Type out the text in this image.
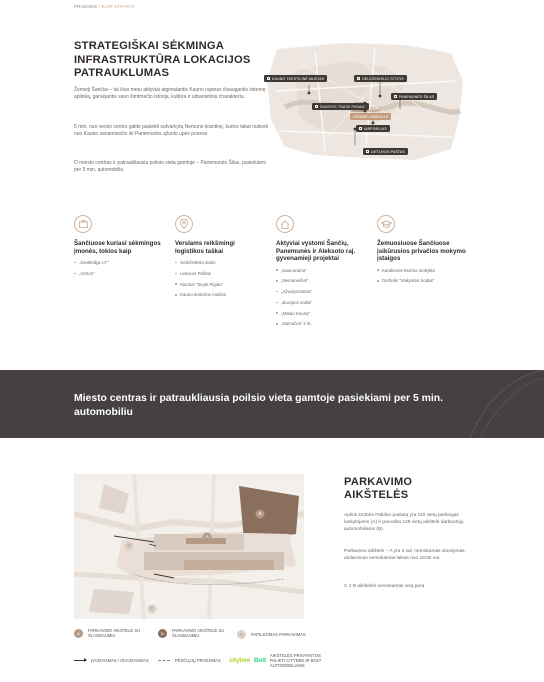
PRADINIS / KAIP ATVYKTI
STRATEGIŠKAI SĖKMINGA INFRASTRUKTŪRA LOKACIJOS PATRAUKLUMAS
Žemieji Šančiai – tai šiuo metu aktyviai atgimstantis Kauno rajonas išsaugantis istorinę aplinką, garsėjantis savo šimtmečio istorija, kultūra ir urbanistiniu charakteriu.
5 min. nuo verslo centro galite pasiekti sutvarkytą Nemuno krantinę, kurios takai nutiesti nuo Kauno senamiesčio iki Panemunės ąžuolo upės pusese.
O miesto centras ir patraukliausia poilsio vieta gamtoje – Panemunės Šilas, pasiekiami per 5 min. automobiliu.
KAUNO TEKSTILINĖ MUSTAS	GELEŽINKELIO STOTIS
PANEMUNĖS ŠILAS
SIUNTOS "SIUSK PIGIAU"
DROBĖS FABRIKAS
AIRPORLIUS
LIETUVOS PAŠTAS
Šančiuose kuriasi sėkmingos įmonės, tokios kaip
„DevBridge LT“
„Votron“
Verslams reikšmingi logistikos taškai
Geležinkelio stotis
Lietuvos Paštas
Siuntos "Siųsk Pigiau"
Kauno teritorine muitinė
Aktyviai vystomi Šančių, Panemunės ir Aleksoto raj. gyvenamieji projektai
„Kaunorama“
„Nemuniečiai“
„Ąžuolynorama“
„Europos sodai“
„Matau Kauną“
„Namučiai“ ir kt.
Žemuosiuose Šančiuose įsikūrusios privačios mokymo įstaigos
Karalienės Mortos mokykla
Darželis "Vaikystės Sodas"
Miesto centras ir patraukliausia poilsio vieta gamtoje pasiekiami per 5 min. automobiliu
A
B
C
C
PARKAVIMO AIKŠTELĖS
Aplink Drobės Fabriko pastatą yra 110 vietų parkingas lankytojams (A) ir paruošta 128 vietų aikštelė darbuotojų automobiliams (B).
Parkavimo aikštelė – A yra 3 val. nemokamas stovėjimas, atidaromas nemokamas laikas nuo 18:00 val.
C ir B aikštelės nemokamas visą parą
A	PARKAVIMO AIKŠTELĖ SU ŠLAGBAUMIU	B	PARKAVIMO AIKŠTELĖ SU ŠLAGBAUMIU	C	PAPILDOMAS PARKAVIMAS
ĮVAŽIAVIMAS / IŠVAŽIAVIMAS	PĖSČIŲJŲ PRAĖJIMAS citybee Bolt
AIKŠTELĖS PRIVATIKTOS PALIKTI CITYBEE IR BOLT AUTOMOBILIAMS
